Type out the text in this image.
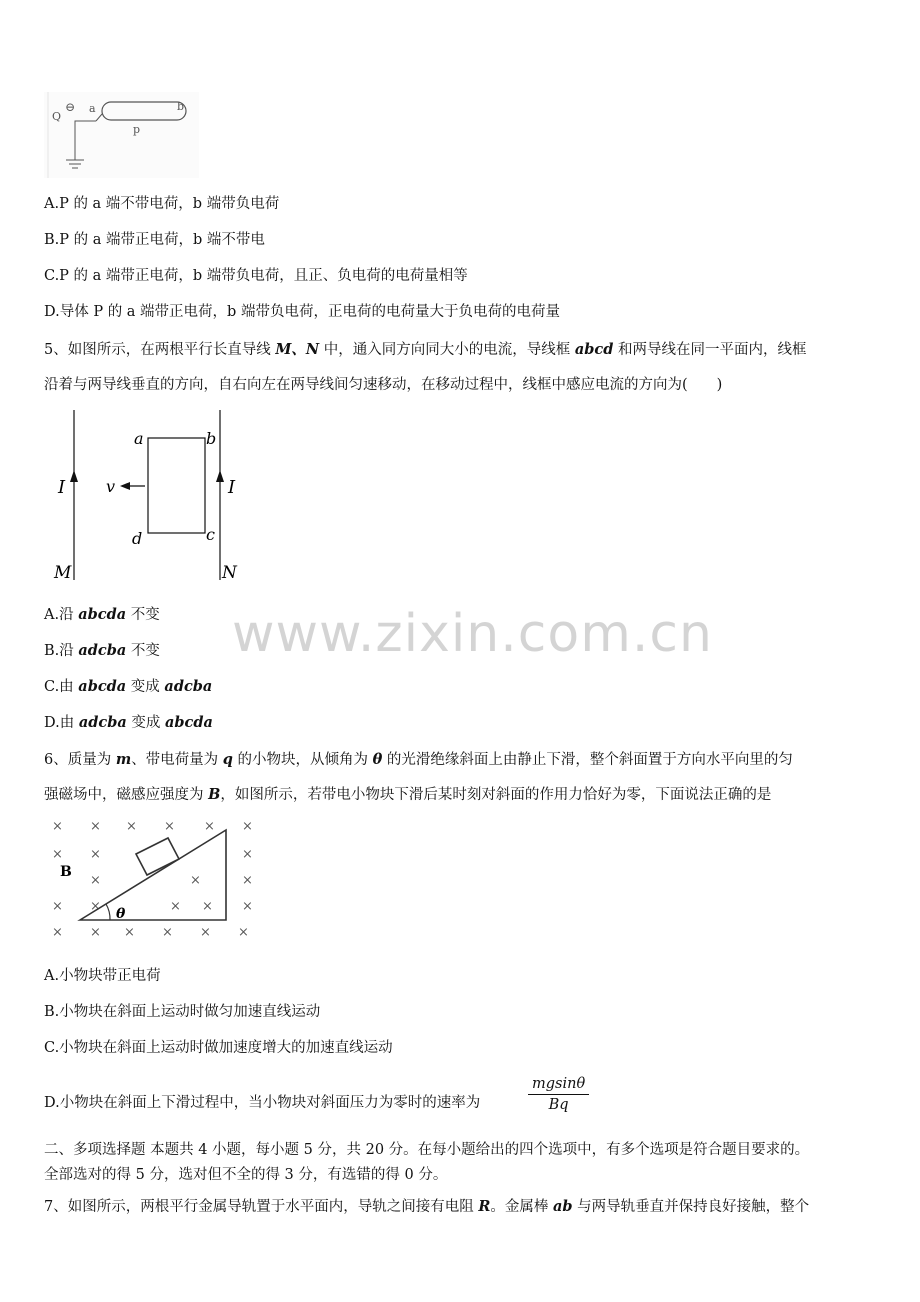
Q
⊖ a	b
p
A.P 的 a 端不带电荷，b 端带负电荷
B.P 的 a 端带正电荷，b 端不带电
C.P 的 a 端带正电荷，b 端带负电荷，且正、负电荷的电荷量相等
D.导体 P 的 a 端带正电荷，b 端带负电荷，正电荷的电荷量大于负电荷的电荷量
5、如图所示，在两根平行长直导线 M、N 中，通入同方向同大小的电流，导线框 abcd 和两导线在同一平面内，线框
沿着与两导线垂直的方向，自右向左在两导线间匀速移动，在移动过程中，线框中感应电流的方向为(　　)
I	I
a	b
c
d
v
M	N
A.沿 abcda 不变
B.沿 adcba 不变
C.由 abcda 变成 adcba
D.由 adcba 变成 abcda
www.zixin.com.cn
6、质量为 m、带电荷量为 q 的小物块，从倾角为 θ 的光滑绝缘斜面上由静止下滑，整个斜面置于方向水平向里的匀
强磁场中，磁感应强度为 B，如图所示，若带电小物块下滑后某时刻对斜面的作用力恰好为零，下面说法正确的是
×
×
×
×
×
×
×
×
×
×
×
×
×
×
×
×
×
×
×
×
×
×
×
θ
B
A.小物块带正电荷
B.小物块在斜面上运动时做匀加速直线运动
C.小物块在斜面上运动时做加速度增大的加速直线运动
D.小物块在斜面上下滑过程中，当小物块对斜面压力为零时的速率为	$\frac{mgsin\theta}{Bq}$
二、多项选择题 本题共 4 小题，每小题 5 分，共 20 分。在每小题给出的四个选项中，有多个选项是符合题目要求的。
全部选对的得 5 分，选对但不全的得 3 分，有选错的得 0 分。
7、如图所示，两根平行金属导轨置于水平面内，导轨之间接有电阻 R。金属棒 ab 与两导轨垂直并保持良好接触，整个
